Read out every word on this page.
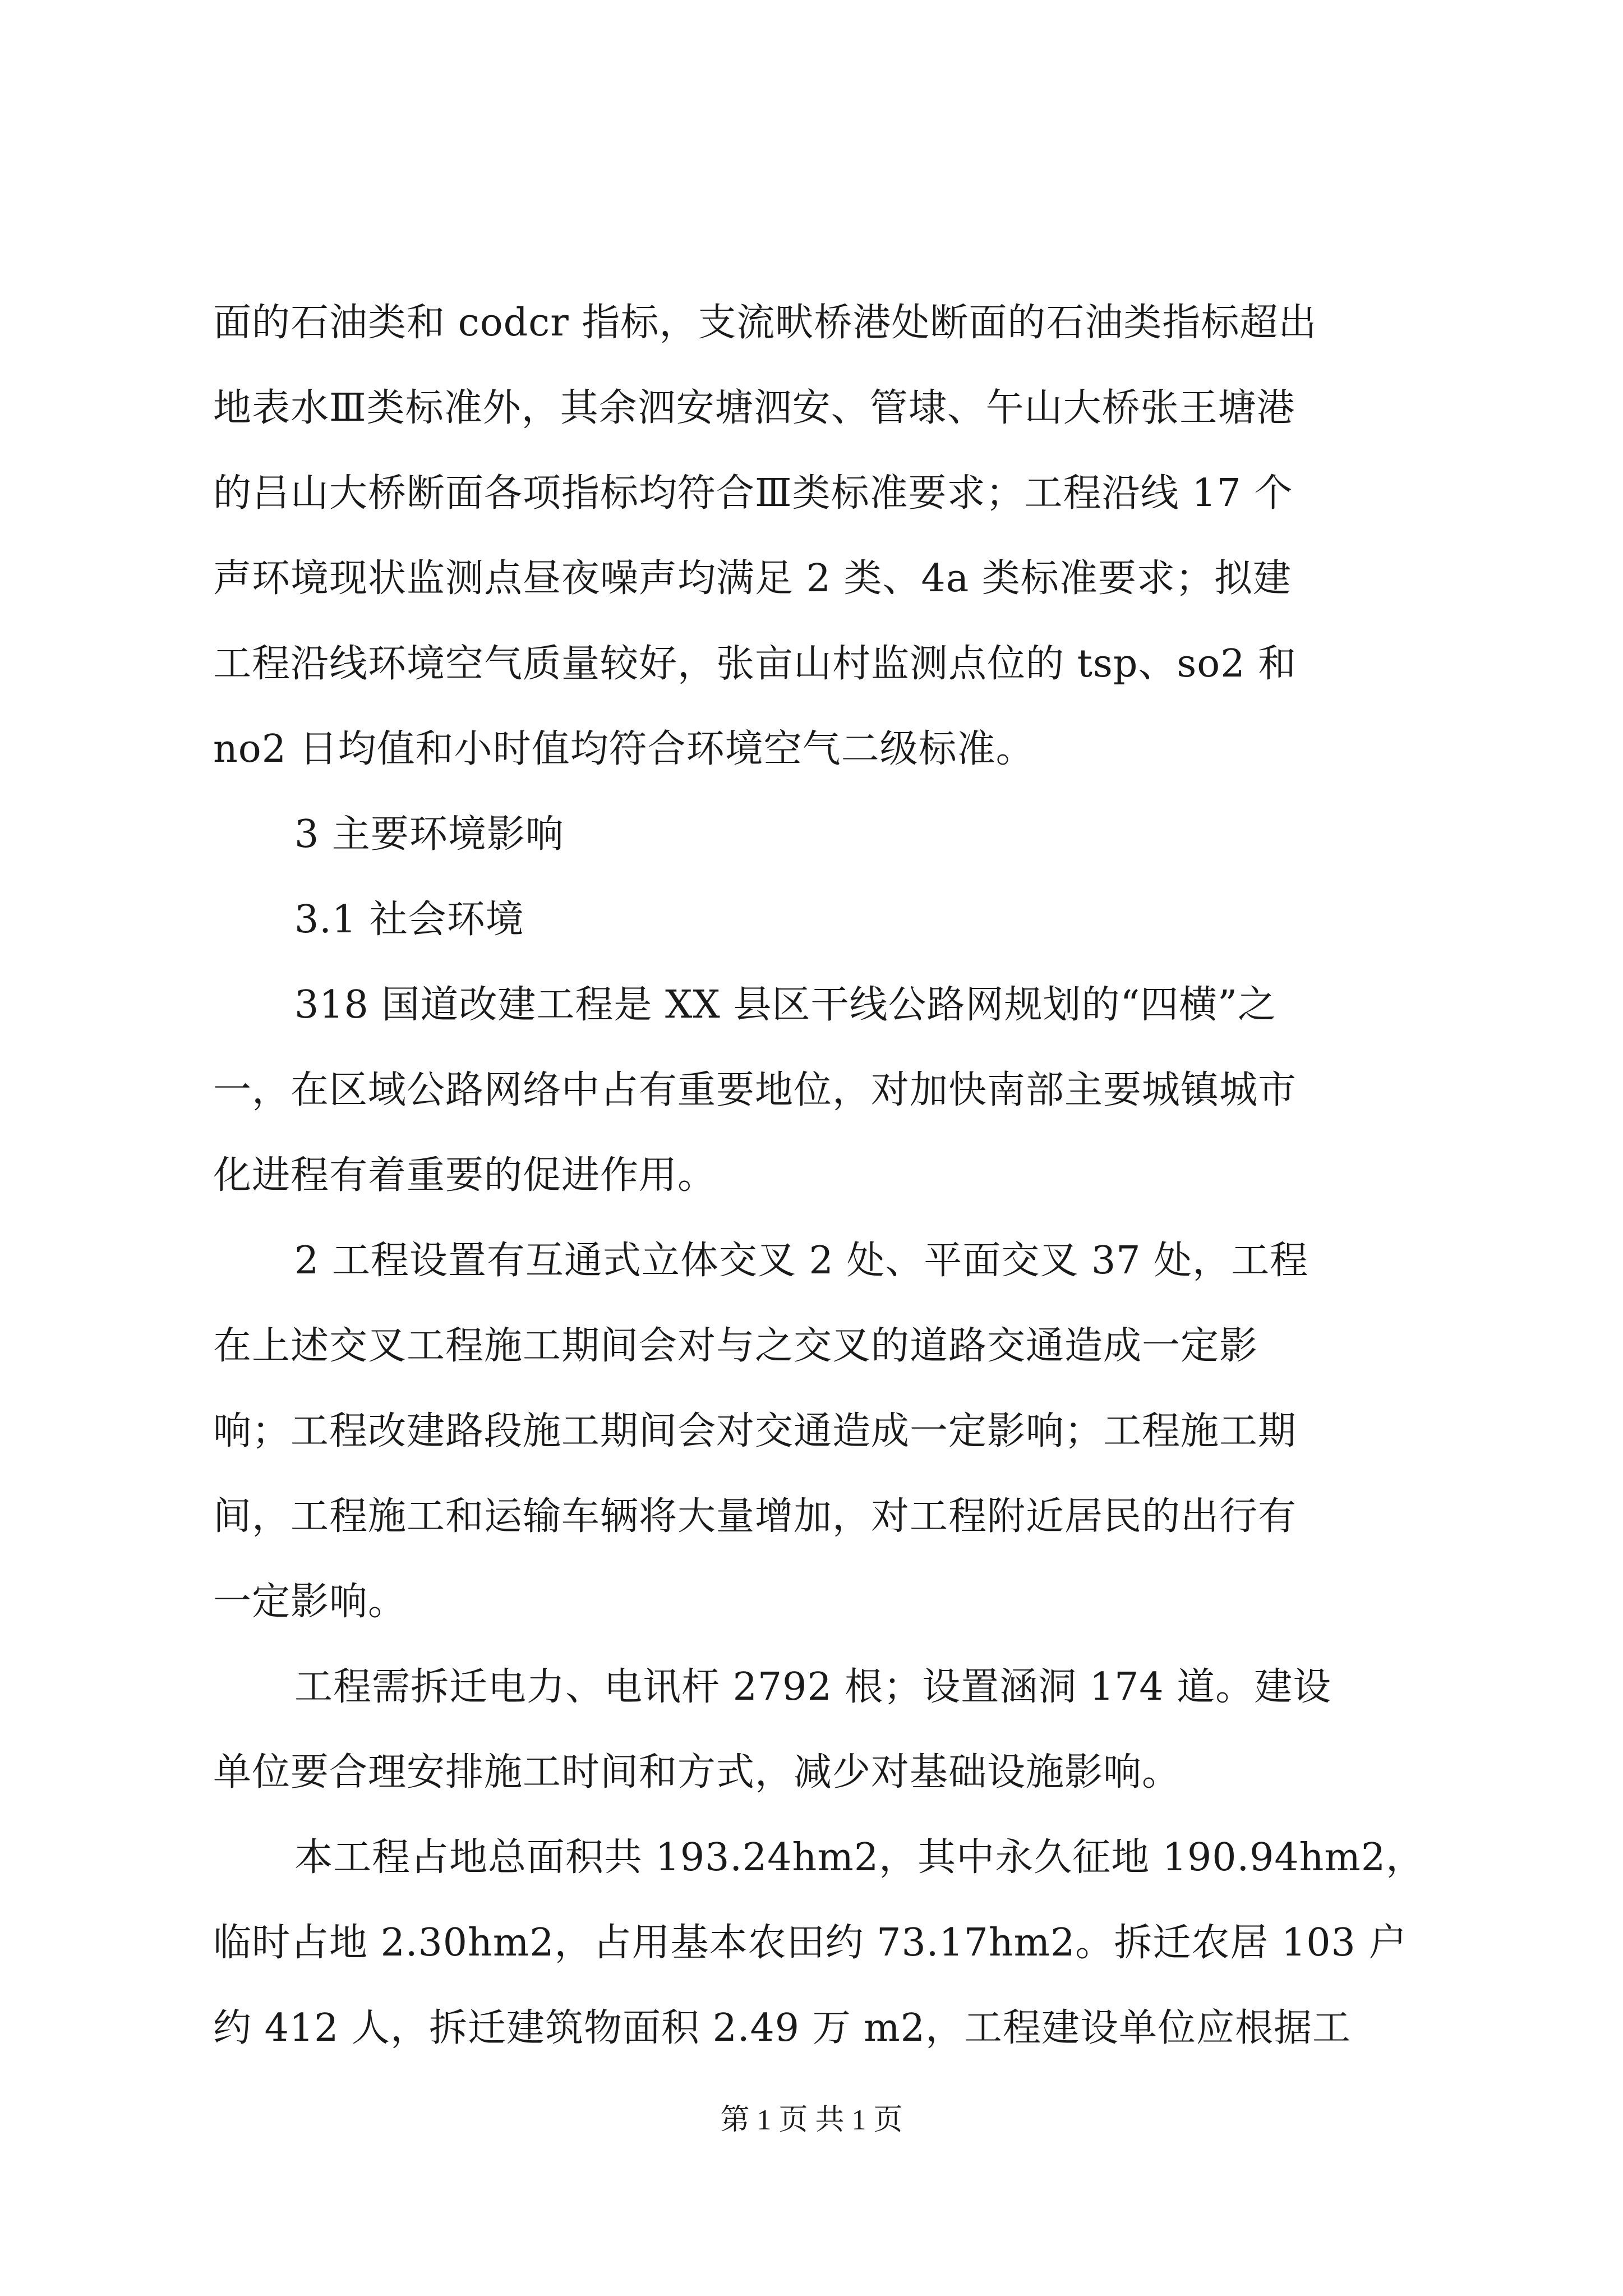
面的石油类和 codcr 指标，支流畎桥港处断面的石油类指标超出
地表水Ⅲ类标准外，其余泗安塘泗安、管埭、午山大桥张王塘港
的吕山大桥断面各项指标均符合Ⅲ类标准要求；工程沿线 17 个
声环境现状监测点昼夜噪声均满足 2 类、4a 类标准要求；拟建
工程沿线环境空气质量较好，张亩山村监测点位的 tsp、so2 和
no2 日均值和小时值均符合环境空气二级标准。
3 主要环境影响
3.1 社会环境
318 国道改建工程是 XX 县区干线公路网规划的“四横”之
一，在区域公路网络中占有重要地位，对加快南部主要城镇城市
化进程有着重要的促进作用。
2 工程设置有互通式立体交叉 2 处、平面交叉 37 处，工程
在上述交叉工程施工期间会对与之交叉的道路交通造成一定影
响；工程改建路段施工期间会对交通造成一定影响；工程施工期
间，工程施工和运输车辆将大量增加，对工程附近居民的出行有
一定影响。
工程需拆迁电力、电讯杆 2792 根；设置涵洞 174 道。建设
单位要合理安排施工时间和方式，减少对基础设施影响。
本工程占地总面积共 193.24hm2，其中永久征地 190.94hm2，
临时占地 2.30hm2，占用基本农田约 73.17hm2。拆迁农居 103 户
约 412 人，拆迁建筑物面积 2.49 万 m2，工程建设单位应根据工
第 1 页 共 1 页
